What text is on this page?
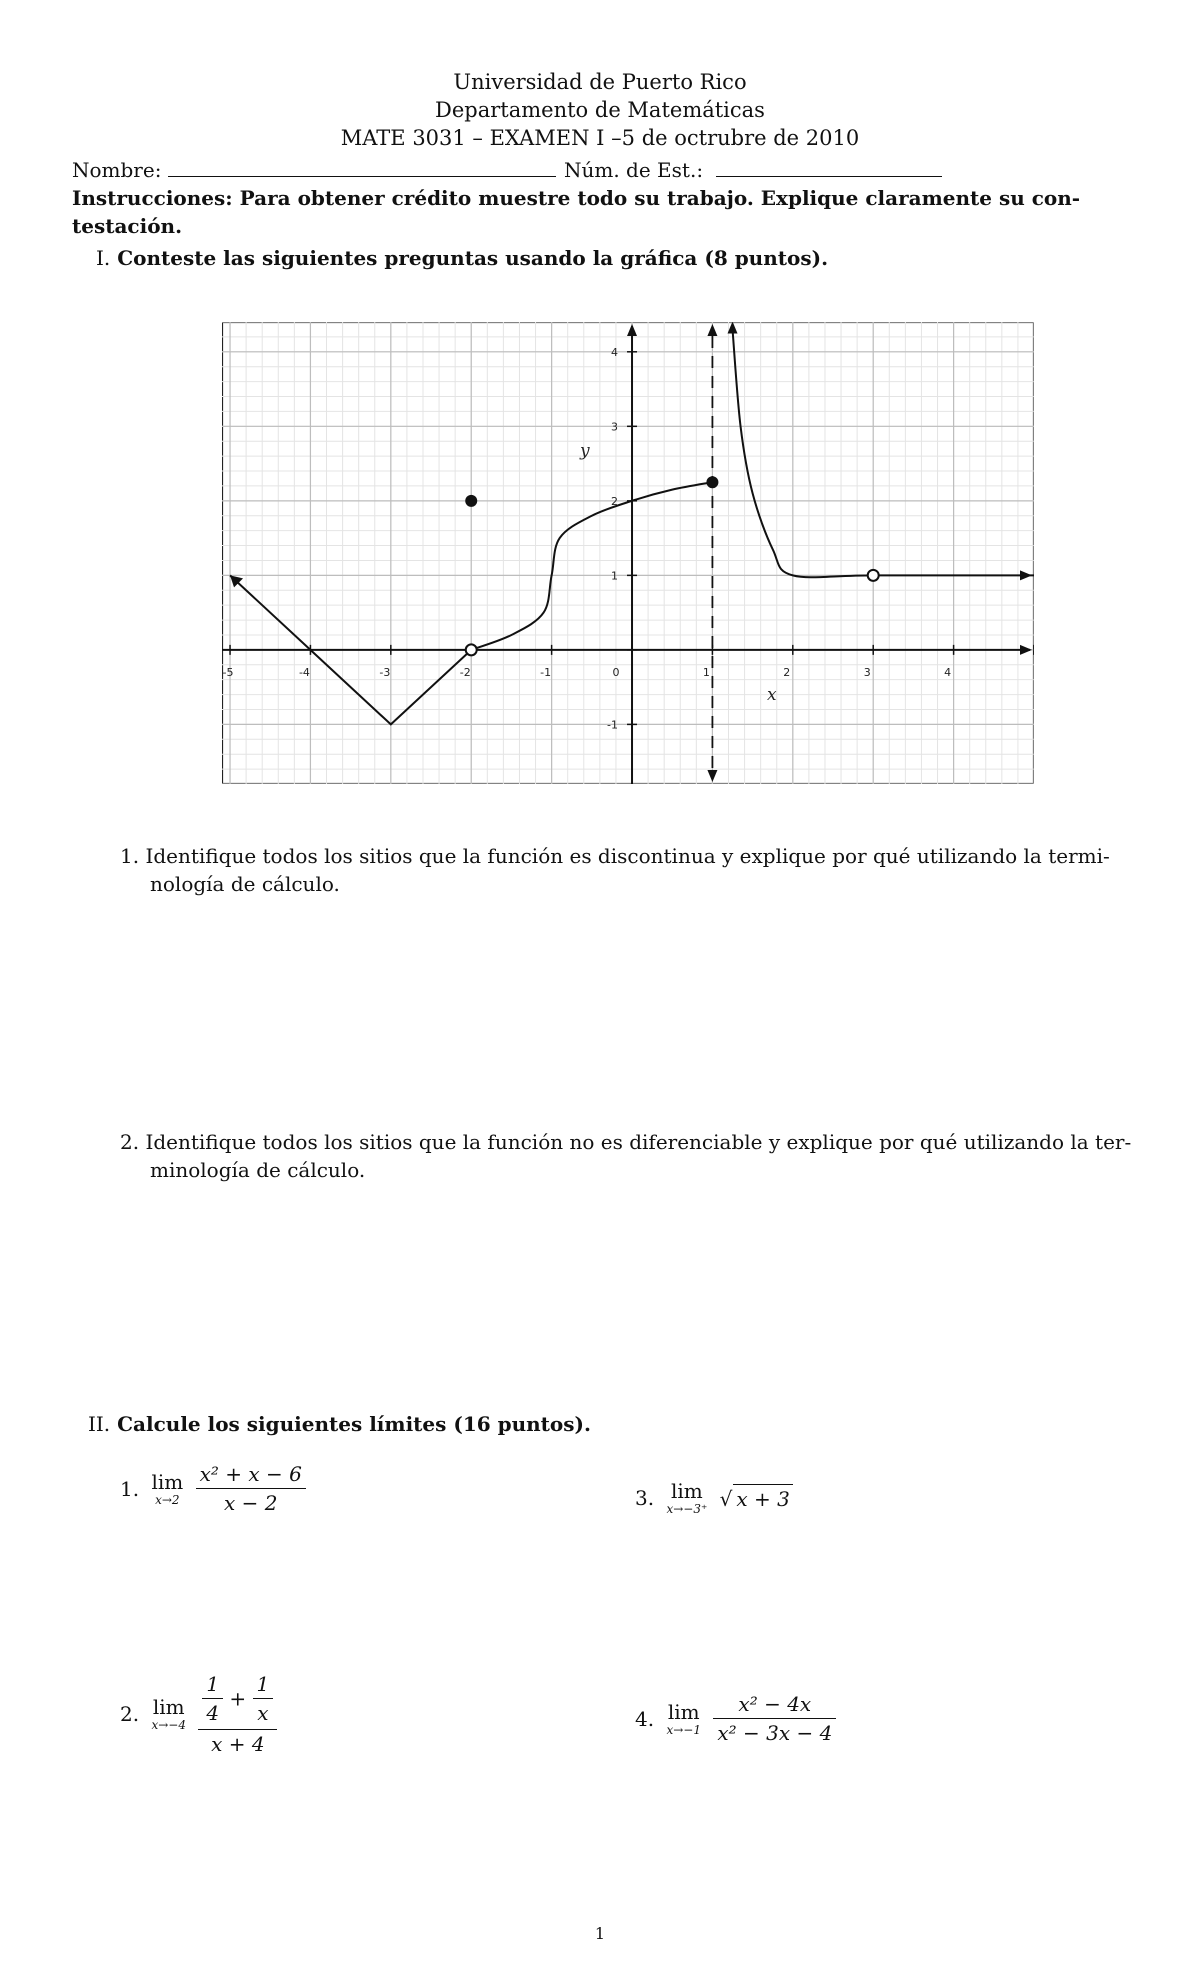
Universidad de Puerto Rico
Departamento de Matemáticas
MATE 3031 – EXAMEN I –5 de octrubre de 2010
Nombre:	Núm. de Est.:
Instrucciones: Para obtener crédito muestre todo su trabajo. Explique claramente su con-
testación.
I. Conteste las siguientes preguntas usando la gráfica (8 puntos).
-5	-4	-3	-2	-1	0	1	2	3	4
4
3
2
1
-1
x
y
1. Identifique todos los sitios que la función es discontinua y explique por qué utilizando la termi-
nología de cálculo.
2. Identifique todos los sitios que la función no es diferenciable y explique por qué utilizando la ter-
minología de cálculo.
II. Calcule los siguientes límites (16 puntos).
1. lim
x→2
$\frac{\text{x² + x − 6}}{x - 2}$	3. lim
x→−3⁺ √ x + 3
2. lim
x→−4
$\frac{\frac{1}{4} + \frac{1}{x}}{x + 4}$	4. lim
x→−1
$\frac{\text{x² − 4x}}{\text{x² − 3x − 4}}$
1
